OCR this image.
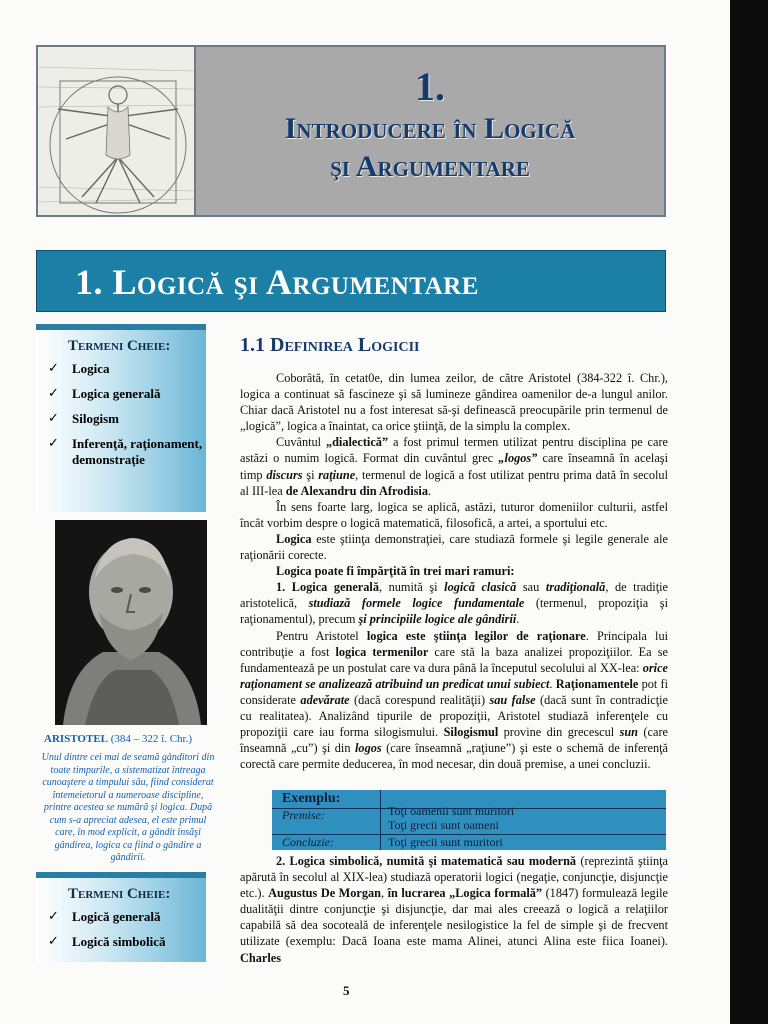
1.
Introducere în Logică
şi Argumentare
1. Logică şi Argumentare
Termeni Cheie:
✓ Logica
✓ Logica generală
✓ Silogism
✓ Inferenţă, raţionament, demonstraţie
ARISTOTEL (384 – 322 î. Chr.)
Unul dintre cei mai de seamă gânditori din toate timpurile, a sistematizat întreaga cunoaştere a timpului său, fiind considerat întemeietorul a numeroase discipline, printre acestea se numără şi logica. După cum s-a apreciat adesea, el este primul care, în mod explicit, a gândit însăşi gândirea, logica ca fiind o gândire a gândirii.
Termeni Cheie:
✓ Logică generală
✓ Logică simbolică
1.1 Definirea Logicii

Coborâtă, în cetat0e, din lumea zeilor, de către Aristotel (384-322 î. Chr.), logica a continuat să fascineze şi să lumineze gândirea oamenilor de-a lungul anilor. Chiar dacă Aristotel nu a fost interesat să-şi definească preocupările prin termenul de „logică”, logica a înaintat, ca orice ştiinţă, de la simplu la complex.

Cuvântul „dialectică” a fost primul termen utilizat pentru disciplina pe care astăzi o numim logică. Format din cuvântul grec „logos” care înseamnă în acelaşi timp discurs şi raţiune, termenul de logică a fost utilizat pentru prima dată în secolul al III-lea de Alexandru din Afrodisia.

În sens foarte larg, logica se aplică, astăzi, tuturor domeniilor culturii, astfel încât vorbim despre o logică matematică, filosofică, a artei, a sportului etc.

Logica este ştiinţa demonstraţiei, care studiază formele şi legile generale ale raţionării corecte.

Logica poate fi împărţită în trei mari ramuri:

1. Logica generală, numită şi logică clasică sau tradiţională, de tradiţie aristotelică, studiază formele logice fundamentale (termenul, propoziţia şi raţionamentul), precum şi principiile logice ale gândirii.

Pentru Aristotel logica este ştiinţa legilor de raţionare. Principala lui contribuţie a fost logica termenilor care stă la baza analizei propoziţiilor. Ea se fundamentează pe un postulat care va dura până la începutul secolului al XX-lea: orice raţionament se analizează atribuind un predicat unui subiect. Raţionamentele pot fi considerate adevărate (dacă corespund realităţii) sau false (dacă sunt în contradicţie cu realitatea). Analizând tipurile de propoziţii, Aristotel studiază inferenţele cu propoziţii care iau forma silogismului. Silogismul provine din grecescul sun (care înseamnă „cu”) şi din logos (care înseamnă „raţiune”) şi este o schemă de inferenţă corectă care permite deducerea, în mod necesar, din două premise, a unei concluzii.

Exemplu:
Premise:	Toţi oamenii sunt muritori
Toţi grecii sunt oameni
Concluzie:	Toţi grecii sunt muritori

2. Logica simbolică, numită şi matematică sau modernă (reprezintă ştiinţa apărută în secolul al XIX-lea) studiază operatorii logici (negaţie, conjuncţie, disjuncţie etc.). Augustus De Morgan, în lucrarea „Logica formală” (1847) formulează legile dualităţii dintre conjuncţie şi disjuncţie, dar mai ales creează o logică a relaţiilor capabilă să dea socoteală de inferenţele nesilogistice la fel de simple şi de frecvent utilizate (exemplu: Dacă Ioana este mama Alinei, atunci Alina este fiica Ioanei). Charles

5
